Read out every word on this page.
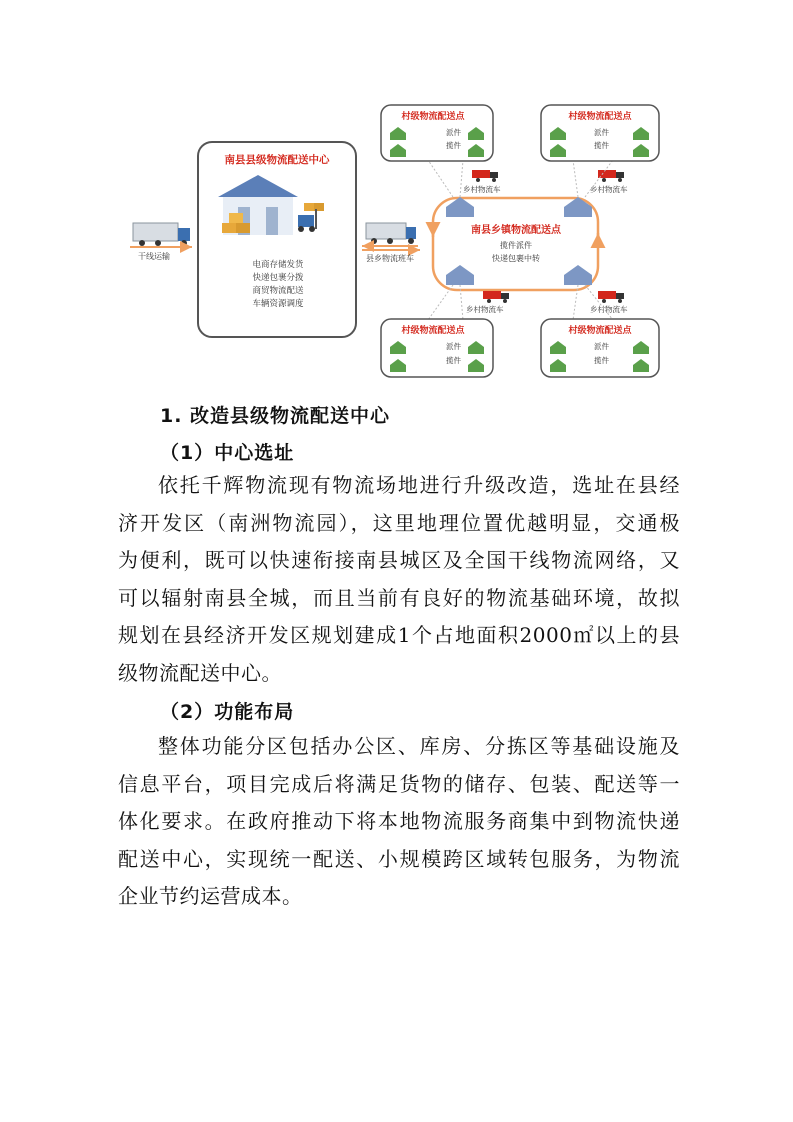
干线运输
南县县级物流配送中心
电商存储发货
快递包裹分拨
商贸物流配送
车辆资源调度
县乡物流班车
南县乡镇物流配送点
揽件派件
快递包裹中转
乡村物流车	乡村物流车
乡村物流车	乡村物流车
村级物流配送点
派件
揽件
村级物流配送点
派件
揽件
村级物流配送点
派件
揽件
村级物流配送点
派件
揽件
1. 改造县级物流配送中心
（1）中心选址
依托千辉物流现有物流场地进行升级改造，选址在县经
济开发区（南洲物流园），这里地理位置优越明显，交通极
为便利，既可以快速衔接南县城区及全国干线物流网络，又
可以辐射南县全城，而且当前有良好的物流基础环境，故拟
规划在县经济开发区规划建成1个占地面积2000㎡以上的县
级物流配送中心。
（2）功能布局
整体功能分区包括办公区、库房、分拣区等基础设施及
信息平台，项目完成后将满足货物的储存、包装、配送等一
体化要求。在政府推动下将本地物流服务商集中到物流快递
配送中心，实现统一配送、小规模跨区域转包服务，为物流
企业节约运营成本。
